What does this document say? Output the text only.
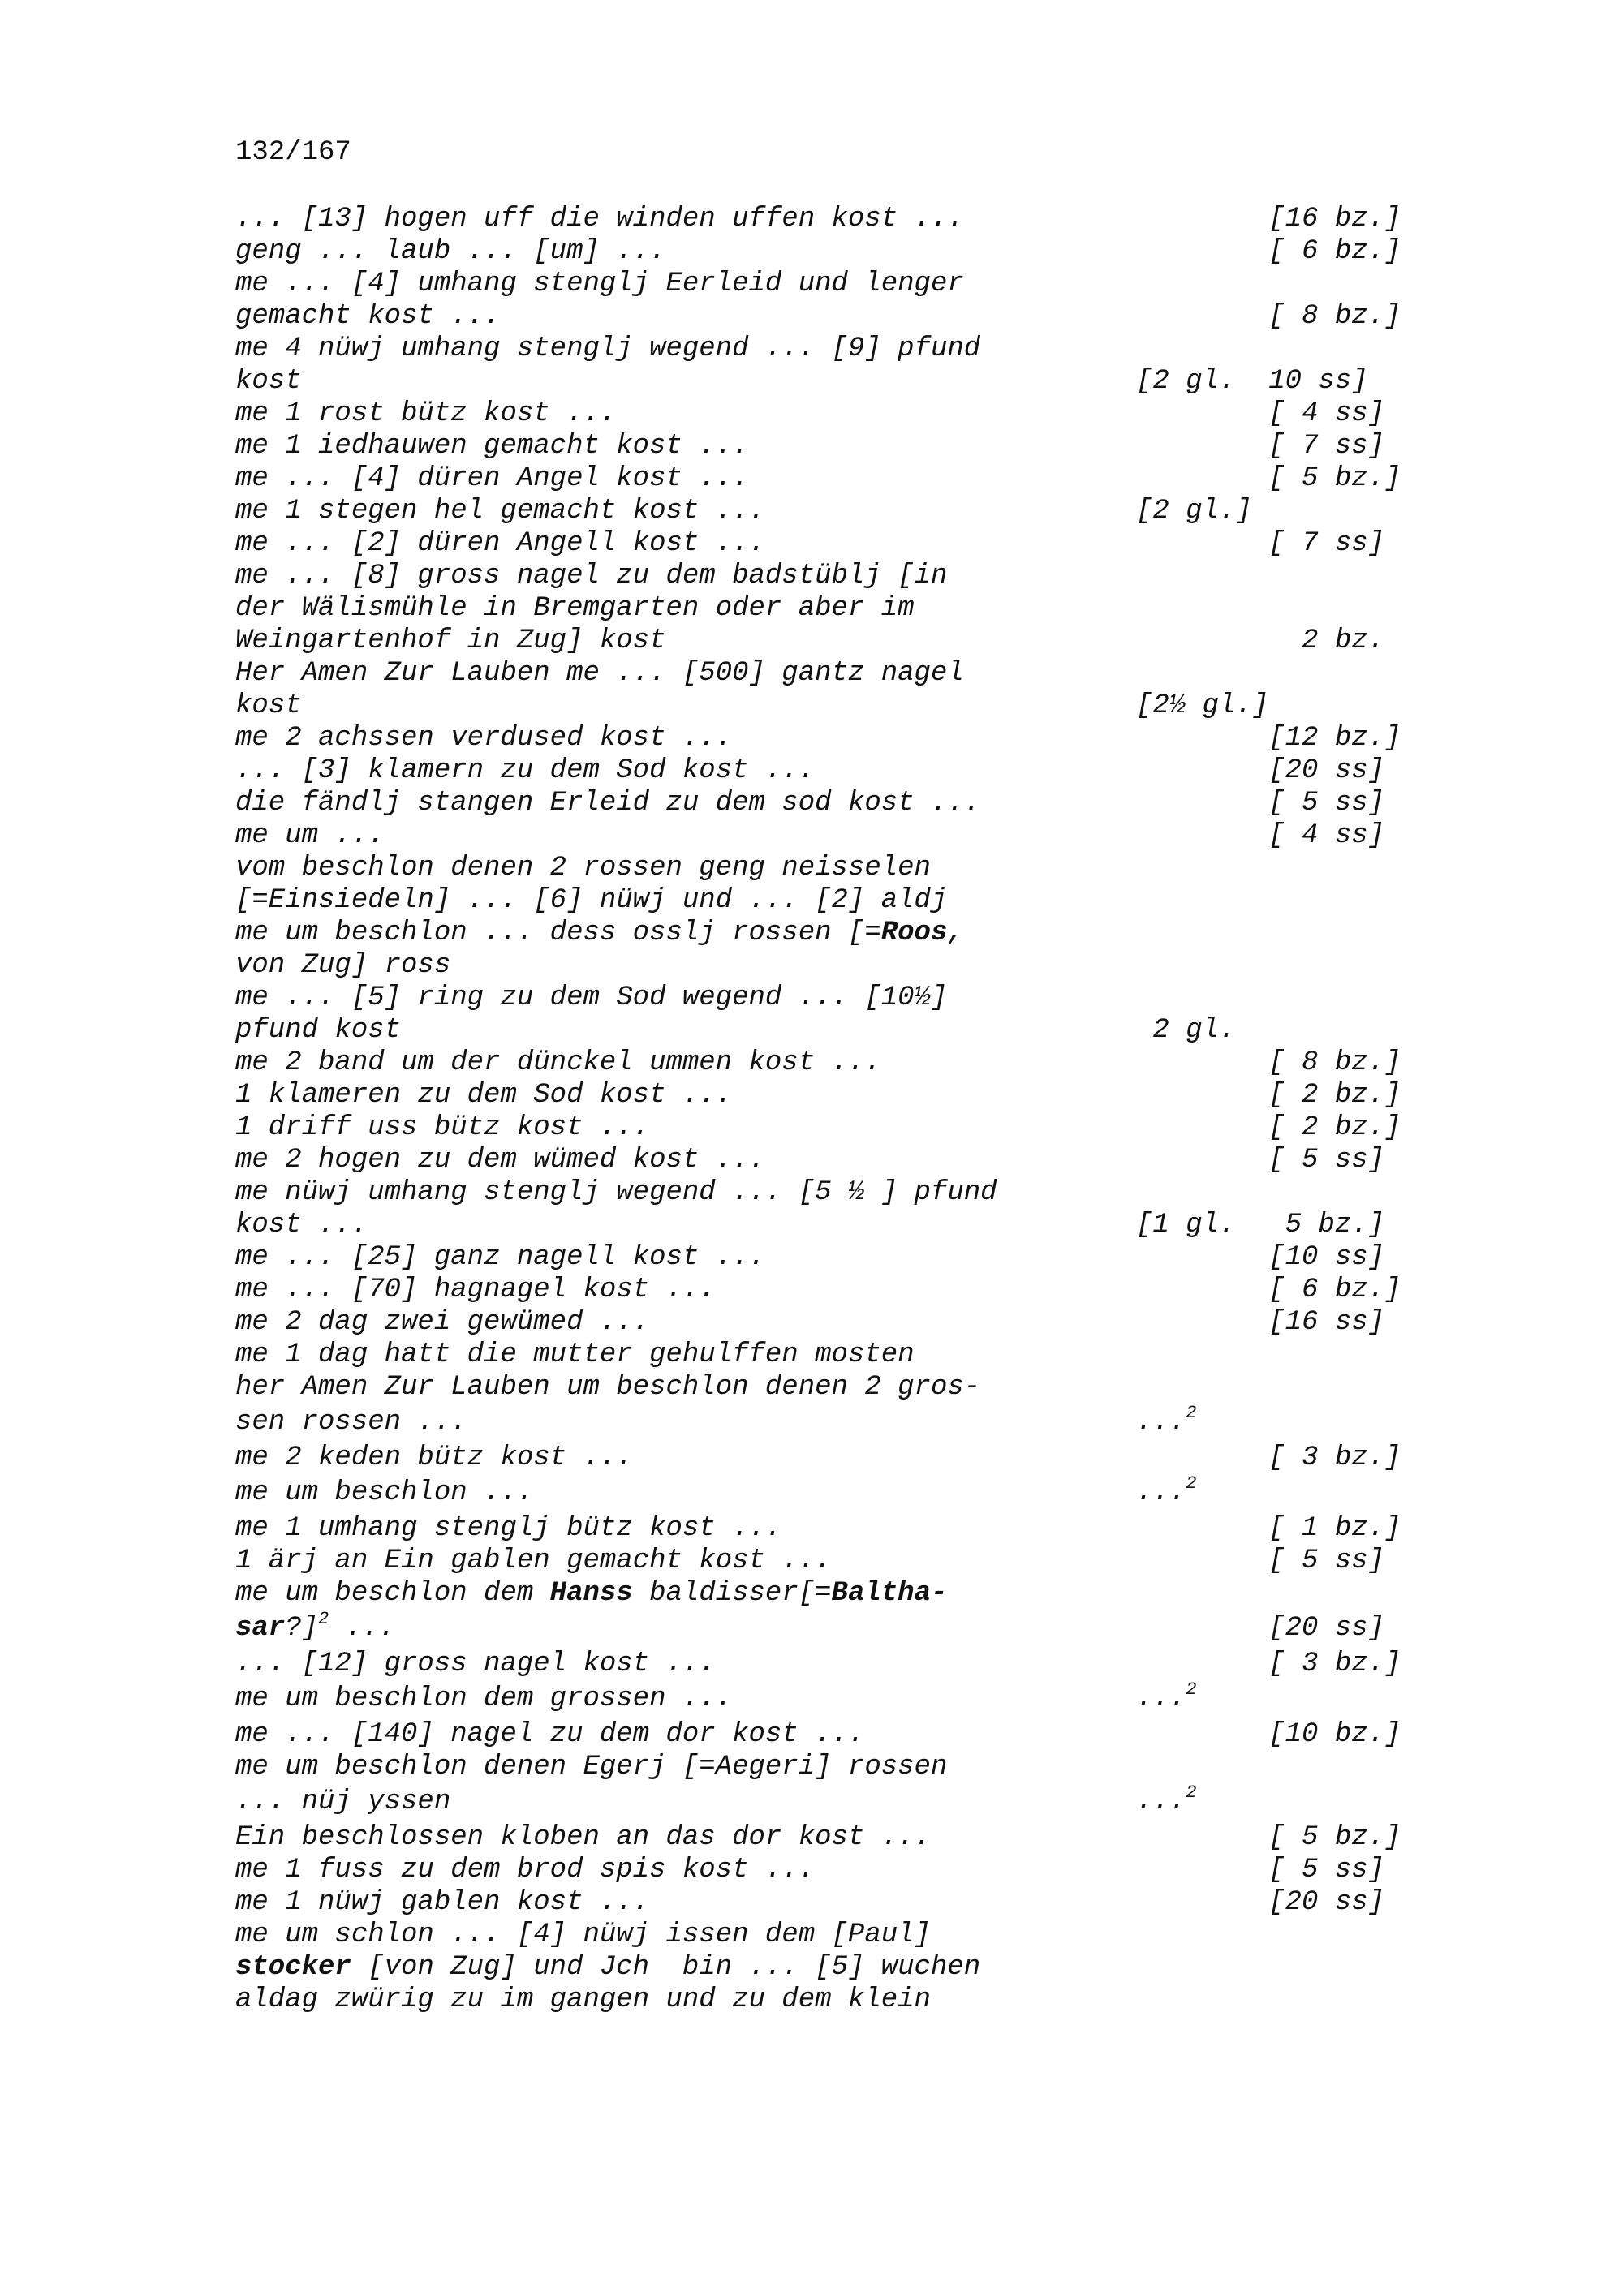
132/167
... [13] hogen uff die winden uffen kost ...	[16 bz.]
geng ... laub ... [um] ...	[ 6 bz.]
me ... [4] umhang stenglj Eerleid und lenger
gemacht kost ...	[ 8 bz.]
me 4 nüwj umhang stenglj wegend ... [9] pfund
kost	[2 gl.  10 ss]
me 1 rost bütz kost ...	[ 4 ss]
me 1 iedhauwen gemacht kost ...	[ 7 ss]
me ... [4] düren Angel kost ...	[ 5 bz.]
me 1 stegen hel gemacht kost ...	[2 gl.]
me ... [2] düren Angell kost ...	[ 7 ss]
me ... [8] gross nagel zu dem badstüblj [in
der Wälismühle in Bremgarten oder aber im
Weingartenhof in Zug] kost	2 bz.
Her Amen Zur Lauben me ... [500] gantz nagel
kost	[2½ gl.]
me 2 achssen verdused kost ...	[12 bz.]
... [3] klamern zu dem Sod kost ...	[20 ss]
die fändlj stangen Erleid zu dem sod kost ...	[ 5 ss]
me um ...	[ 4 ss]
vom beschlon denen 2 rossen geng neisselen
[=Einsiedeln] ... [6] nüwj und ... [2] aldj
me um beschlon ... dess osslj rossen [=Roos,
von Zug] ross
me ... [5] ring zu dem Sod wegend ... [10½]
pfund kost	2 gl.
me 2 band um der dünckel ummen kost ...	[ 8 bz.]
1 klameren zu dem Sod kost ...	[ 2 bz.]
1 driff uss bütz kost ...	[ 2 bz.]
me 2 hogen zu dem wümed kost ...	[ 5 ss]
me nüwj umhang stenglj wegend ... [5 ½ ] pfund
kost ...	[1 gl.   5 bz.]
me ... [25] ganz nagell kost ...	[10 ss]
me ... [70] hagnagel kost ...	[ 6 bz.]
me 2 dag zwei gewümed ...	[16 ss]
me 1 dag hatt die mutter gehulffen mosten
her Amen Zur Lauben um beschlon denen 2 gros-
sen rossen ...	...$^2$
me 2 keden bütz kost ...	[ 3 bz.]
me um beschlon ...	...$^2$
me 1 umhang stenglj bütz kost ...	[ 1 bz.]
1 ärj an Ein gablen gemacht kost ...	[ 5 ss]
me um beschlon dem Hanss baldisser[=Baltha-
sar?]$^2$ ...	[20 ss]
... [12] gross nagel kost ...	[ 3 bz.]
me um beschlon dem grossen ...	...$^2$
me ... [140] nagel zu dem dor kost ...	[10 bz.]
me um beschlon denen Egerj [=Aegeri] rossen
... nüj yssen	...$^2$
Ein beschlossen kloben an das dor kost ...	[ 5 bz.]
me 1 fuss zu dem brod spis kost ...	[ 5 ss]
me 1 nüwj gablen kost ...	[20 ss]
me um schlon ... [4] nüwj issen dem [Paul]
stocker [von Zug] und Jch  bin ... [5] wuchen
aldag zwürig zu im gangen und zu dem klein
